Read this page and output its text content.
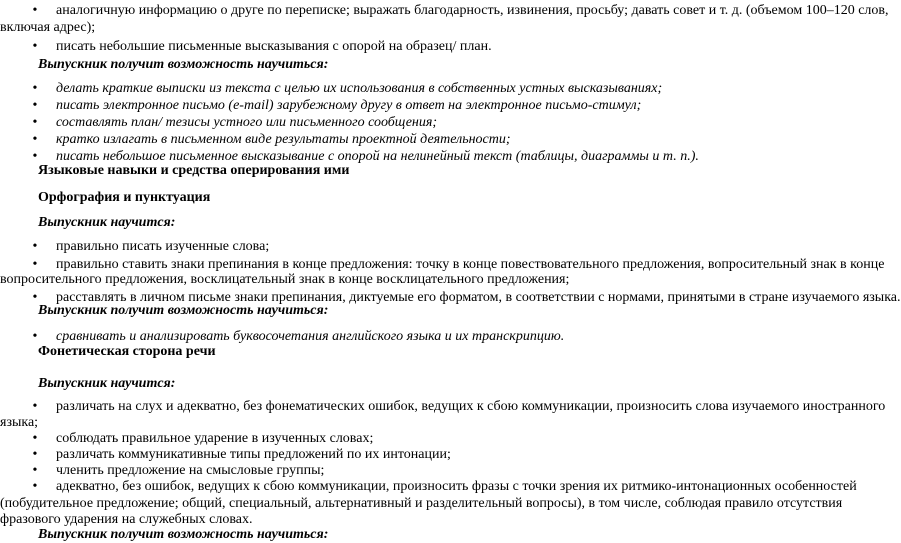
•	аналогичную информацию о друге по переписке; выражать благодарность, извинения, просьбу; давать совет и т. д. (объемом 100–120 слов,
включая адрес);
•	писать небольшие письменные высказывания с опорой на образец/ план.
Выпускник получит возможность научиться:
•	делать краткие выписки из текста с целью их использования в собственных устных высказываниях;
•	писать электронное письмо (e-mail) зарубежному другу в ответ на электронное письмо-стимул;
•	составлять план/ тезисы устного или письменного сообщения;
•	кратко излагать в письменном виде результаты проектной деятельности;
•	писать небольшое письменное высказывание с опорой на нелинейный текст (таблицы, диаграммы и т. п.).
Языковые навыки и средства оперирования ими
Орфография и пунктуация
Выпускник научится:
•	правильно писать изученные слова;
•	правильно ставить знаки препинания в конце предложения: точку в конце повествовательного предложения, вопросительный знак в конце
вопросительного предложения, восклицательный знак в конце восклицательного предложения;
•	расставлять в личном письме знаки препинания, диктуемые его форматом, в соответствии с нормами, принятыми в стране изучаемого языка.
Выпускник получит возможность научиться:
•	сравнивать и анализировать буквосочетания английского языка и их транскрипцию.
Фонетическая сторона речи
Выпускник научится:
•	различать на слух и адекватно, без фонематических ошибок, ведущих к сбою коммуникации, произносить слова изучаемого иностранного
языка;
•	соблюдать правильное ударение в изученных словах;
•	различать коммуникативные типы предложений по их интонации;
•	членить предложение на смысловые группы;
•	адекватно, без ошибок, ведущих к сбою коммуникации, произносить фразы с точки зрения их ритмико-интонационных особенностей
(побудительное предложение; общий, специальный, альтернативный и разделительный вопросы), в том числе, соблюдая правило отсутствия
фразового ударения на служебных словах.
Выпускник получит возможность научиться:
